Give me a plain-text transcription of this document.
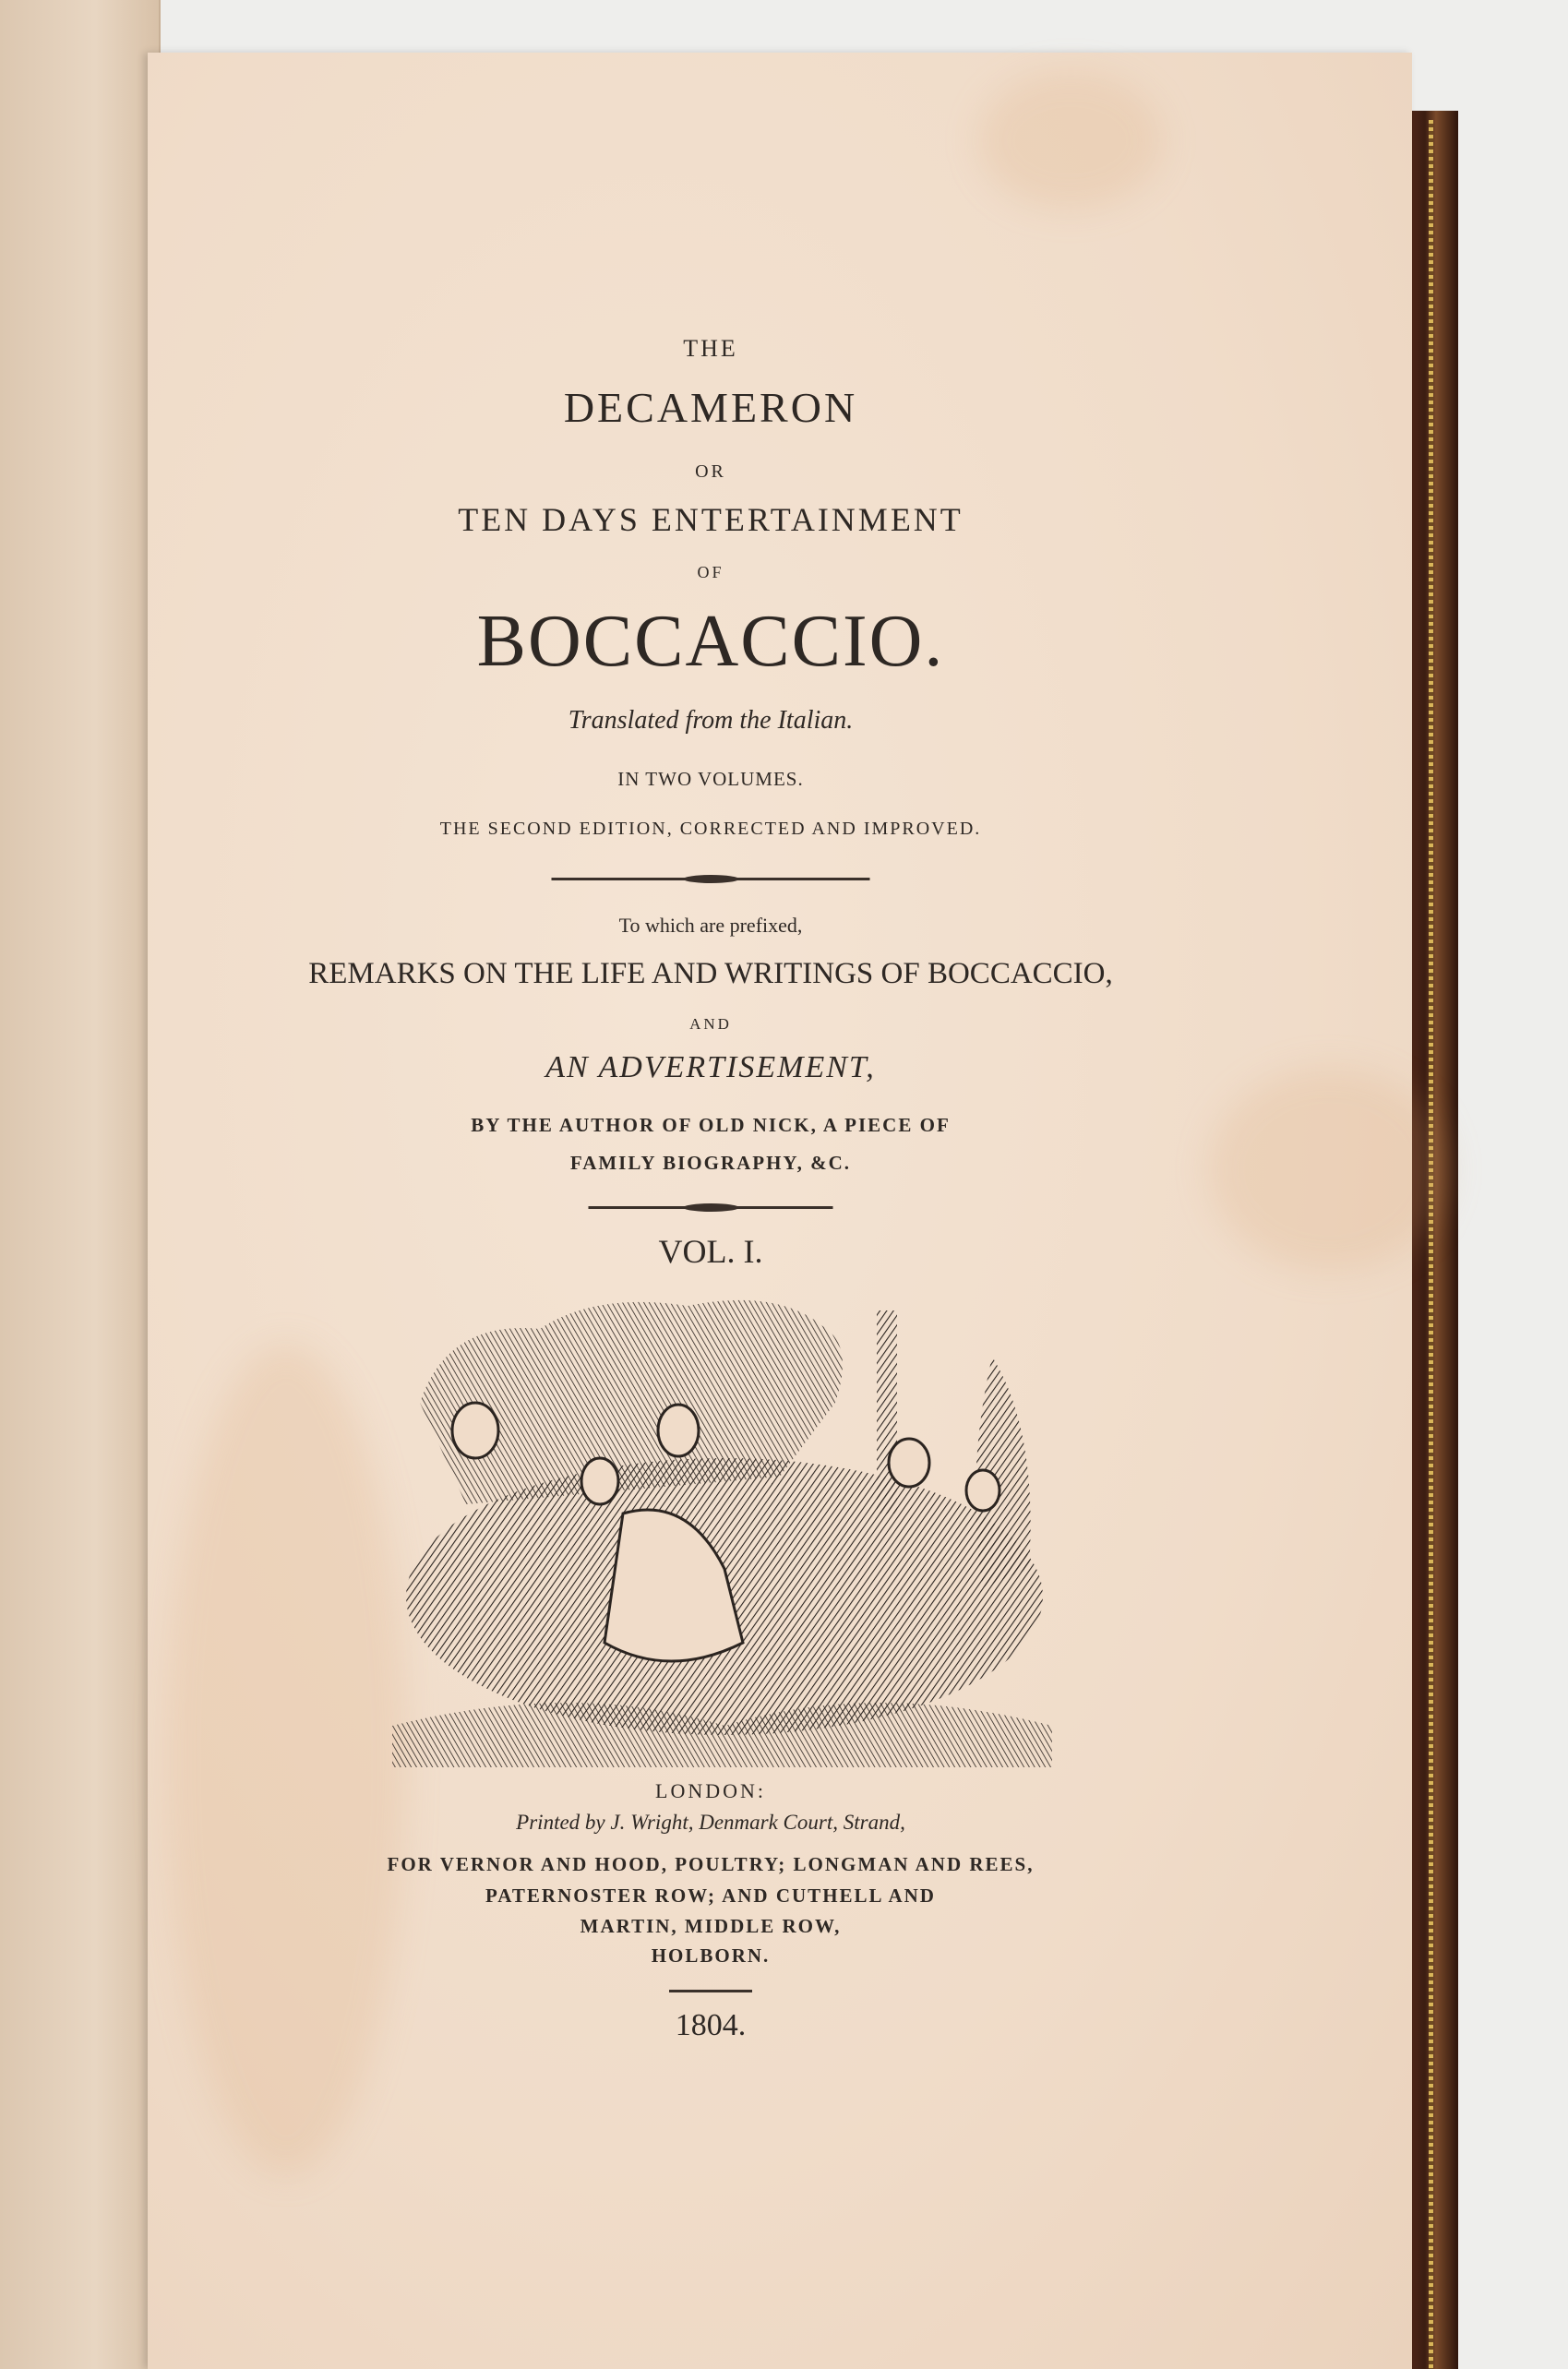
THE
DECAMERON
OR
TEN DAYS ENTERTAINMENT
OF
BOCCACCIO.
Translated from the Italian.
IN TWO VOLUMES.
THE SECOND EDITION, CORRECTED AND IMPROVED.
To which are prefixed,
REMARKS ON THE LIFE AND WRITINGS OF BOCCACCIO,
AND
AN ADVERTISEMENT,
BY THE AUTHOR OF OLD NICK, A PIECE OF
FAMILY BIOGRAPHY, &C.
VOL. I.
LONDON:
Printed by J. Wright, Denmark Court, Strand,
FOR VERNOR AND HOOD, POULTRY; LONGMAN AND REES,
PATERNOSTER ROW; AND CUTHELL AND
MARTIN, MIDDLE ROW,
HOLBORN.
1804.
